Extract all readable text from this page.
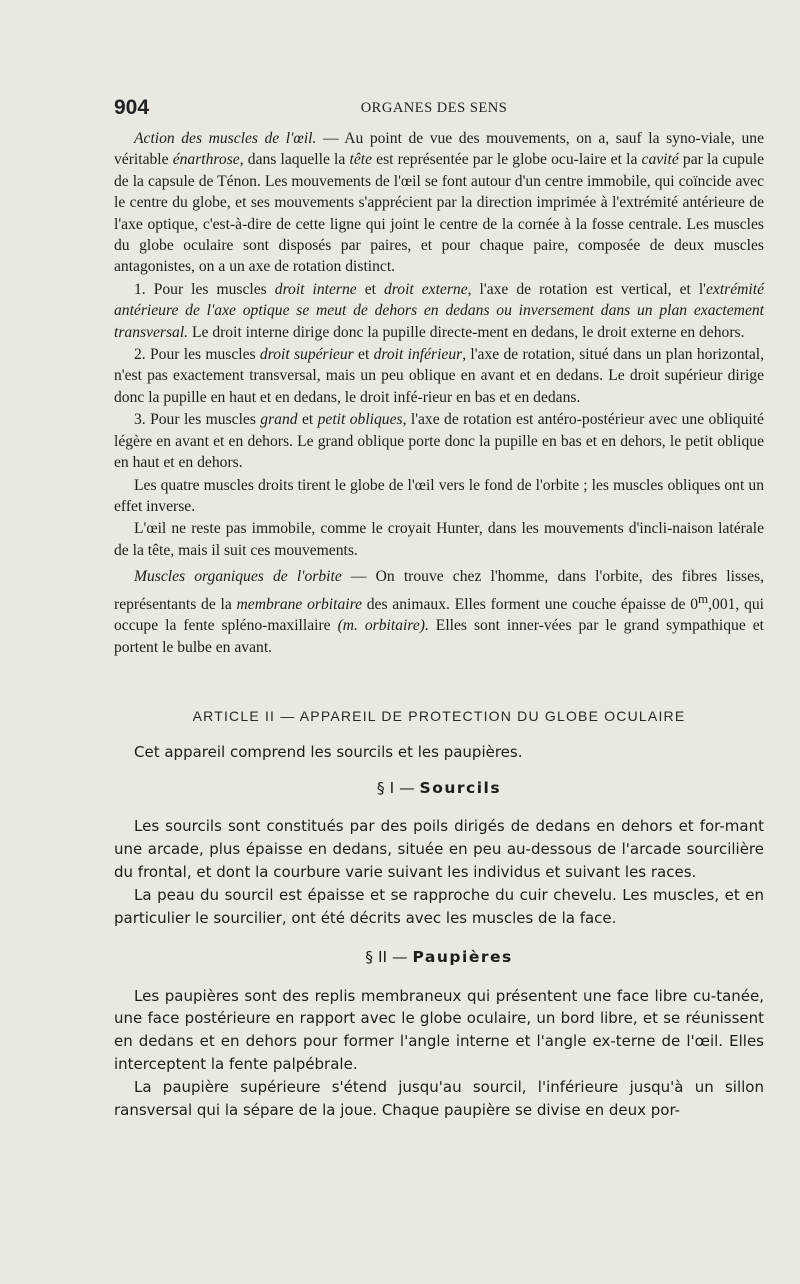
904	ORGANES DES SENS

Action des muscles de l'œil. — Au point de vue des mouvements, on a, sauf la syno-viale, une véritable énarthrose, dans laquelle la tête est représentée par le globe ocu-laire et la cavité par la cupule de la capsule de Ténon. Les mouvements de l'œil se font autour d'un centre immobile, qui coïncide avec le centre du globe, et ses mouvements s'apprécient par la direction imprimée à l'extrémité antérieure de l'axe optique, c'est-à-dire de cette ligne qui joint le centre de la cornée à la fosse centrale. Les muscles du globe oculaire sont disposés par paires, et pour chaque paire, composée de deux muscles antagonistes, on a un axe de rotation distinct.

1. Pour les muscles droit interne et droit externe, l'axe de rotation est vertical, et l'extrémité antérieure de l'axe optique se meut de dehors en dedans ou inversement dans un plan exactement transversal. Le droit interne dirige donc la pupille directe-ment en dedans, le droit externe en dehors.

2. Pour les muscles droit supérieur et droit inférieur, l'axe de rotation, situé dans un plan horizontal, n'est pas exactement transversal, mais un peu oblique en avant et en dedans. Le droit supérieur dirige donc la pupille en haut et en dedans, le droit infé-rieur en bas et en dedans.

3. Pour les muscles grand et petit obliques, l'axe de rotation est antéro-postérieur avec une obliquité légère en avant et en dehors. Le grand oblique porte donc la pupille en bas et en dehors, le petit oblique en haut et en dehors.

Les quatre muscles droits tirent le globe de l'œil vers le fond de l'orbite ; les muscles obliques ont un effet inverse.

L'œil ne reste pas immobile, comme le croyait Hunter, dans les mouvements d'incli-naison latérale de la tête, mais il suit ces mouvements.

Muscles organiques de l'orbite — On trouve chez l'homme, dans l'orbite, des fibres lisses, représentants de la membrane orbitaire des animaux. Elles forment une couche épaisse de 0$^m$,001, qui occupe la fente spléno-maxillaire (m. orbitaire). Elles sont inner-vées par le grand sympathique et portent le bulbe en avant.

ARTICLE II — APPAREIL DE PROTECTION DU GLOBE OCULAIRE

Cet appareil comprend les sourcils et les paupières.

§ I — Sourcils

Les sourcils sont constitués par des poils dirigés de dedans en dehors et for-mant une arcade, plus épaisse en dedans, située en peu au-dessous de l'arcade sourcilière du frontal, et dont la courbure varie suivant les individus et suivant les races.

La peau du sourcil est épaisse et se rapproche du cuir chevelu. Les muscles, et en particulier le sourcilier, ont été décrits avec les muscles de la face.

§ II — Paupières

Les paupières sont des replis membraneux qui présentent une face libre cu-tanée, une face postérieure en rapport avec le globe oculaire, un bord libre, et se réunissent en dedans et en dehors pour former l'angle interne et l'angle ex-terne de l'œil. Elles interceptent la fente palpébrale.

La paupière supérieure s'étend jusqu'au sourcil, l'inférieure jusqu'à un sillon ransversal qui la sépare de la joue. Chaque paupière se divise en deux por-
